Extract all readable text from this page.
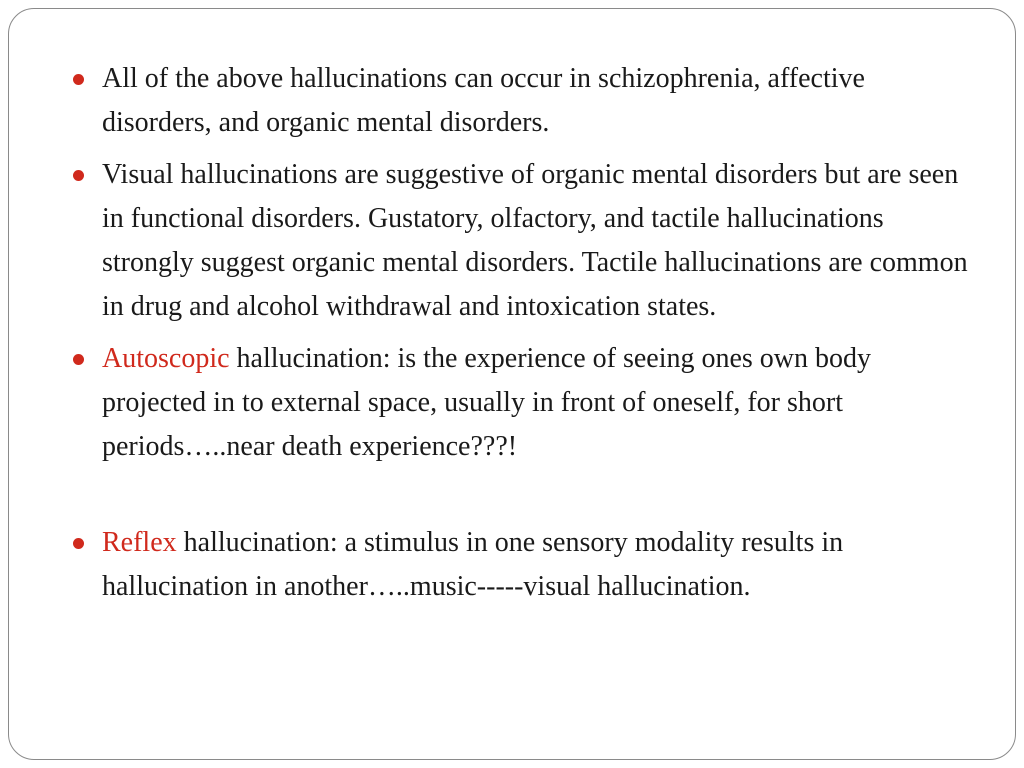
All of the above hallucinations can occur in schizophrenia, affective disorders, and organic mental disorders.
Visual hallucinations are suggestive of organic mental disorders but are seen in functional disorders. Gustatory, olfactory, and tactile hallucinations strongly suggest organic mental disorders. Tactile hallucinations are common in drug and alcohol withdrawal and intoxication states.
Autoscopic hallucination: is the experience of seeing ones own body projected in to external space, usually in front of oneself, for short periods…..near death experience???!
Reflex hallucination: a stimulus in one sensory modality results in hallucination in another…..music-----visual hallucination.
